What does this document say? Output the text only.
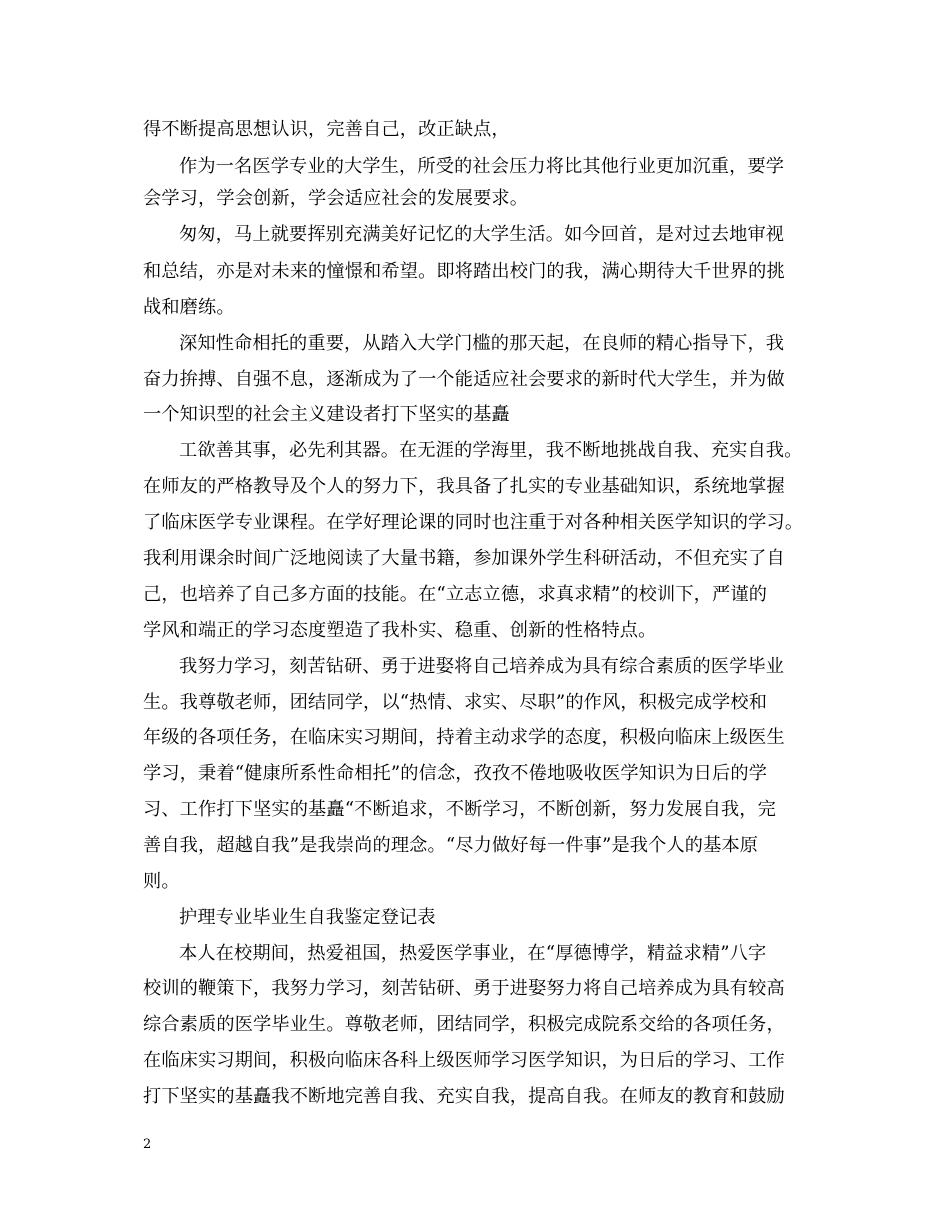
得不断提高思想认识，完善自己，改正缺点，
作为一名医学专业的大学生，所受的社会压力将比其他行业更加沉重，要学
会学习，学会创新，学会适应社会的发展要求。
匆匆，马上就要挥别充满美好记忆的大学生活。如今回首，是对过去地审视
和总结，亦是对未来的憧憬和希望。即将踏出校门的我，满心期待大千世界的挑
战和磨练。
深知性命相托的重要，从踏入大学门槛的那天起，在良师的精心指导下，我
奋力拚搏、自强不息，逐渐成为了一个能适应社会要求的新时代大学生，并为做
一个知识型的社会主义建设者打下坚实的基矗
工欲善其事，必先利其器。在无涯的学海里，我不断地挑战自我、充实自我。
在师友的严格教导及个人的努力下，我具备了扎实的专业基础知识，系统地掌握
了临床医学专业课程。在学好理论课的同时也注重于对各种相关医学知识的学习。
我利用课余时间广泛地阅读了大量书籍，参加课外学生科研活动，不但充实了自
己，也培养了自己多方面的技能。在“立志立德，求真求精”的校训下，严谨的
学风和端正的学习态度塑造了我朴实、稳重、创新的性格特点。
我努力学习，刻苦钻研、勇于进娶将自己培养成为具有综合素质的医学毕业
生。我尊敬老师，团结同学，以“热情、求实、尽职”的作风，积极完成学校和
年级的各项任务，在临床实习期间，持着主动求学的态度，积极向临床上级医生
学习，秉着“健康所系性命相托”的信念，孜孜不倦地吸收医学知识为日后的学
习、工作打下坚实的基矗“不断追求，不断学习，不断创新，努力发展自我，完
善自我，超越自我”是我崇尚的理念。“尽力做好每一件事”是我个人的基本原
则。
护理专业毕业生自我鉴定登记表
本人在校期间，热爱祖国，热爱医学事业，在“厚德博学，精益求精”八字
校训的鞭策下，我努力学习，刻苦钻研、勇于进娶努力将自己培养成为具有较高
综合素质的医学毕业生。尊敬老师，团结同学，积极完成院系交给的各项任务，
在临床实习期间，积极向临床各科上级医师学习医学知识，为日后的学习、工作
打下坚实的基矗我不断地完善自我、充实自我，提高自我。在师友的教育和鼓励
2
